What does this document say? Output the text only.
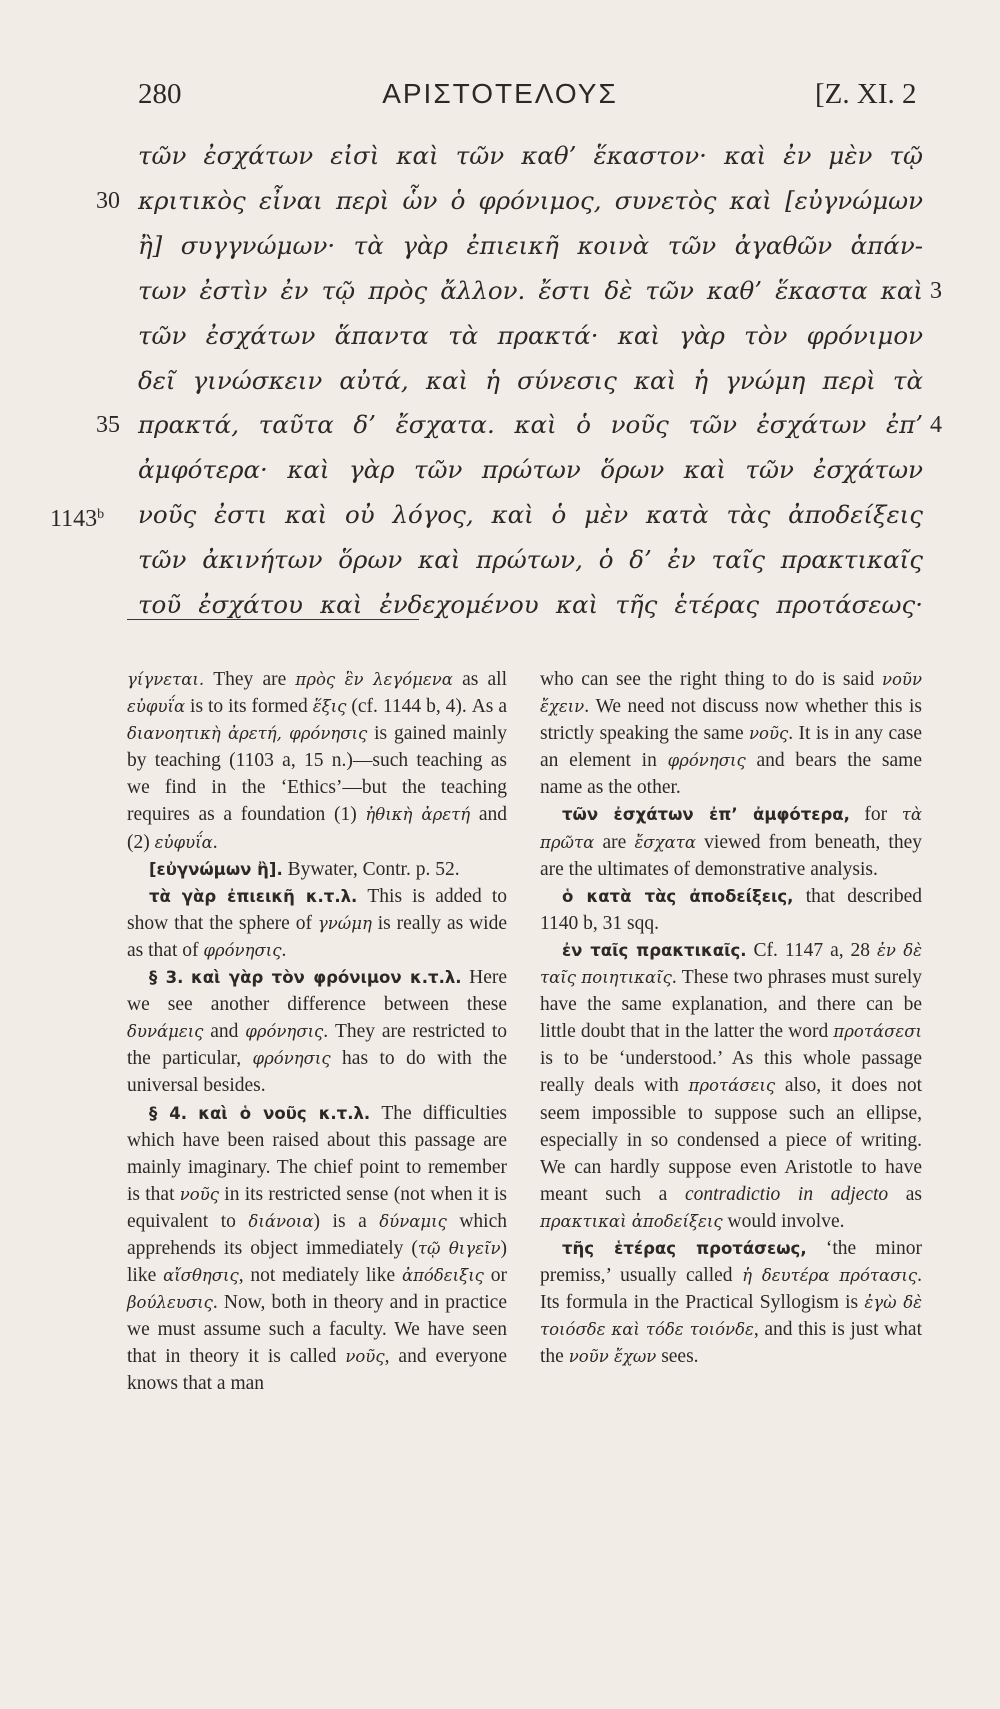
280	ΑΡΙΣΤΟΤΕΛΟΥΣ	[Z. XI. 2
τῶν ἐσχάτων εἰσὶ καὶ τῶν καθ’ ἕκαστον· καὶ ἐν μὲν τῷ
κριτικὸς εἶναι περὶ ὧν ὁ φρόνιμος, συνετὸς καὶ [εὐγνώμων
30
ἢ] συγγνώμων· τὰ γὰρ ἐπιεικῆ κοινὰ τῶν ἀγαθῶν ἁπάν-
των ἐστὶν ἐν τῷ πρὸς ἄλλον. ἔστι δὲ τῶν καθ’ ἕκαστα καὶ 3
τῶν ἐσχάτων ἅπαντα τὰ πρακτά· καὶ γὰρ τὸν φρόνιμον
δεῖ γινώσκειν αὐτά, καὶ ἡ σύνεσις καὶ ἡ γνώμη περὶ τὰ
πρακτά, ταῦτα δ’ ἔσχατα. καὶ ὁ νοῦς τῶν ἐσχάτων ἐπ’
35	4
ἀμφότερα· καὶ γὰρ τῶν πρώτων ὅρων καὶ τῶν ἐσχάτων
νοῦς ἐστι καὶ οὐ λόγος, καὶ ὁ μὲν κατὰ τὰς ἀποδείξεις
1143$^b$
τῶν ἀκινήτων ὅρων καὶ πρώτων, ὁ δ’ ἐν ταῖς πρακτικαῖς
τοῦ ἐσχάτου καὶ ἐνδεχομένου καὶ τῆς ἑτέρας προτάσεως·

γίγνεται. They are πρὸς ἓν λεγόμενα as all εὐφυΐα is to its formed ἕξις (cf. 1144 b, 4). As a διανοητικὴ ἀρετή, φρόνησις is gained mainly by teaching (1103 a, 15 n.)—such teaching as we find in the ‘Ethics’—but the teaching requires as a foundation (1) ἠθικὴ ἀρετή and (2) εὐφυΐα.

[εὐγνώμων ἢ]. Bywater, Contr. p. 52.

τὰ γὰρ ἐπιεικῆ κ.τ.λ. This is added to show that the sphere of γνώμη is really as wide as that of φρόνησις.

§ 3. καὶ γὰρ τὸν φρόνιμον κ.τ.λ. Here we see another difference between these δυνάμεις and φρόνησις. They are restricted to the particular, φρόνησις has to do with the universal besides.

§ 4. καὶ ὁ νοῦς κ.τ.λ. The difficulties which have been raised about this passage are mainly imaginary. The chief point to remember is that νοῦς in its restricted sense (not when it is equivalent to διάνοια) is a δύναμις which apprehends its object immediately (τῷ θιγεῖν) like αἴσθησις, not mediately like ἀπόδειξις or βούλευσις. Now, both in theory and in practice we must assume such a faculty. We have seen that in theory it is called νοῦς, and everyone knows that a man

who can see the right thing to do is said νοῦν ἔχειν. We need not discuss now whether this is strictly speaking the same νοῦς. It is in any case an element in φρόνησις and bears the same name as the other.

τῶν ἐσχάτων ἐπ’ ἀμφότερα, for τὰ πρῶτα are ἔσχατα viewed from beneath, they are the ultimates of demonstrative analysis.

ὁ κατὰ τὰς ἀποδείξεις, that described 1140 b, 31 sqq.

ἐν ταῖς πρακτικαῖς. Cf. 1147 a, 28 ἐν δὲ ταῖς ποιητικαῖς. These two phrases must surely have the same explanation, and there can be little doubt that in the latter the word προτάσεσι is to be ‘understood.’ As this whole passage really deals with προτάσεις also, it does not seem impossible to suppose such an ellipse, especially in so condensed a piece of writing. We can hardly suppose even Aristotle to have meant such a contradictio in adjecto as πρακτικαὶ ἀποδείξεις would involve.

τῆς ἑτέρας προτάσεως, ‘the minor premiss,’ usually called ἡ δευτέρα πρότασις. Its formula in the Practical Syllogism is ἐγὼ δὲ τοιόσδε καὶ τόδε τοιόνδε, and this is just what the νοῦν ἔχων sees.
